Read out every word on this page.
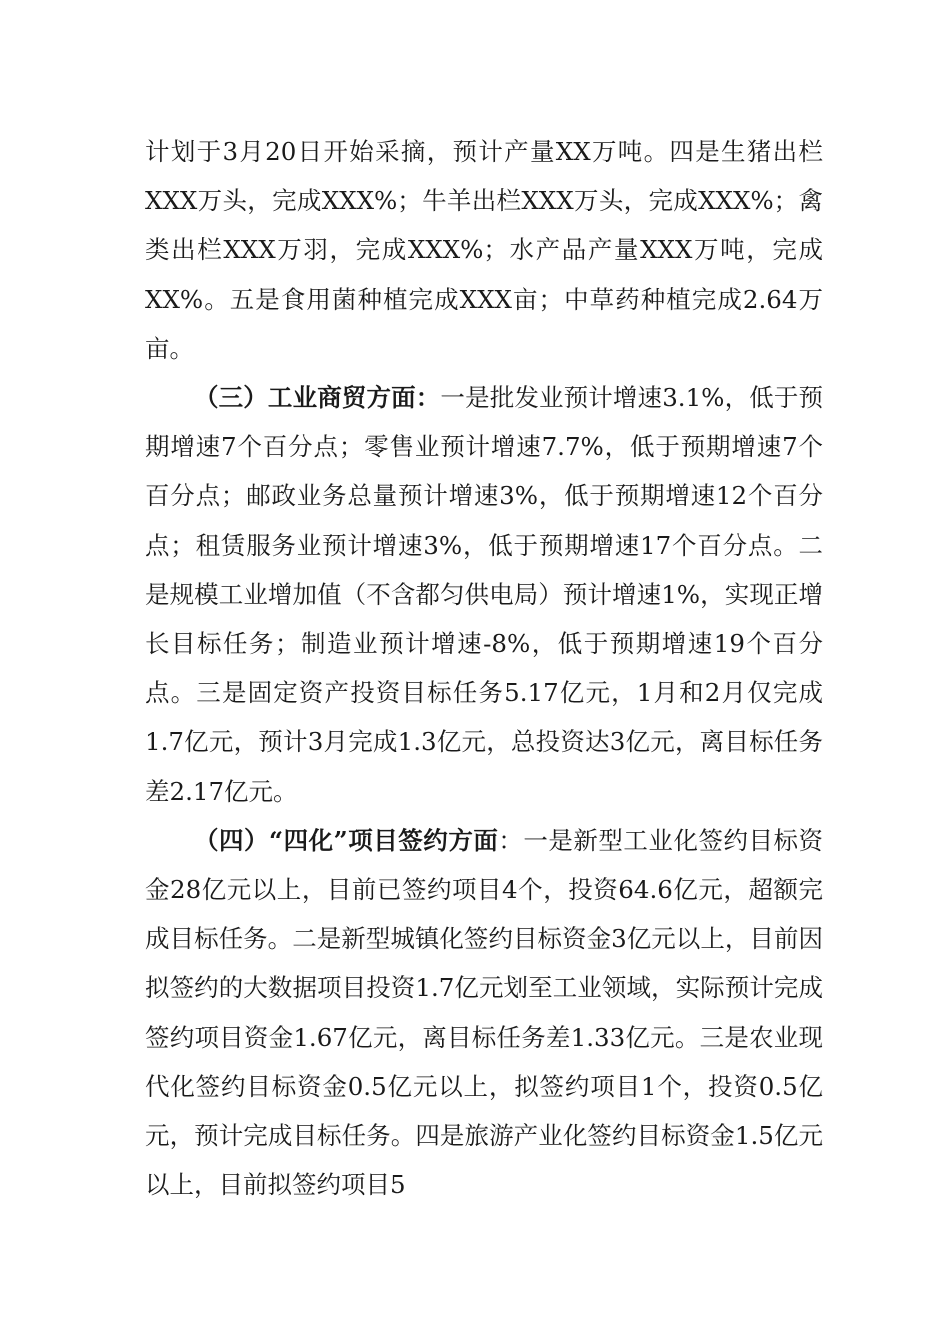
计划于3月20日开始采摘，预计产量XX万吨。四是生猪出栏XXX万头，完成XXX%；牛羊出栏XXX万头，完成XXX%；禽类出栏XXX万羽，完成XXX%；水产品产量XXX万吨，完成XX%。五是食用菌种植完成XXX亩；中草药种植完成2.64万亩。

（三）工业商贸方面：一是批发业预计增速3.1%，低于预期增速7个百分点；零售业预计增速7.7%，低于预期增速7个百分点；邮政业务总量预计增速3%，低于预期增速12个百分点；租赁服务业预计增速3%，低于预期增速17个百分点。二是规模工业增加值（不含都匀供电局）预计增速1%，实现正增长目标任务；制造业预计增速-8%，低于预期增速19个百分点。三是固定资产投资目标任务5.17亿元，1月和2月仅完成1.7亿元，预计3月完成1.3亿元，总投资达3亿元，离目标任务差2.17亿元。

（四）“四化”项目签约方面：一是新型工业化签约目标资金28亿元以上，目前已签约项目4个，投资64.6亿元，超额完成目标任务。二是新型城镇化签约目标资金3亿元以上，目前因拟签约的大数据项目投资1.7亿元划至工业领域，实际预计完成签约项目资金1.67亿元，离目标任务差1.33亿元。三是农业现代化签约目标资金0.5亿元以上，拟签约项目1个，投资0.5亿元，预计完成目标任务。四是旅游产业化签约目标资金1.5亿元以上，目前拟签约项目5
